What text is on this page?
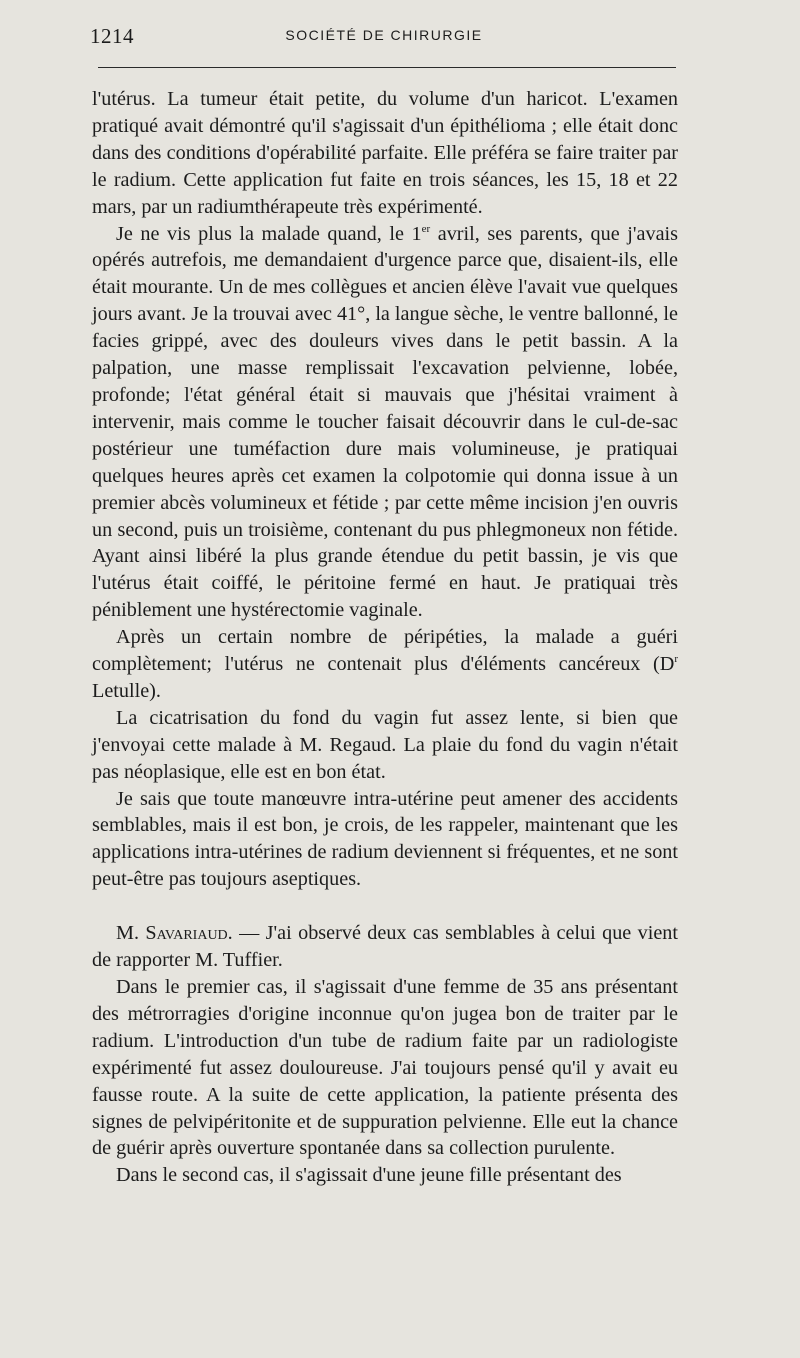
1214	SOCIÉTÉ DE CHIRURGIE

l'utérus. La tumeur était petite, du volume d'un haricot. L'examen pratiqué avait démontré qu'il s'agissait d'un épithélioma ; elle était donc dans des conditions d'opérabilité parfaite. Elle préféra se faire traiter par le radium. Cette application fut faite en trois séances, les 15, 18 et 22 mars, par un radiumthérapeute très expérimenté.

Je ne vis plus la malade quand, le 1er avril, ses parents, que j'avais opérés autrefois, me demandaient d'urgence parce que, disaient-ils, elle était mourante. Un de mes collègues et ancien élève l'avait vue quelques jours avant. Je la trouvai avec 41°, la langue sèche, le ventre ballonné, le facies grippé, avec des douleurs vives dans le petit bassin. A la palpation, une masse remplissait l'excavation pelvienne, lobée, profonde; l'état général était si mauvais que j'hésitai vraiment à intervenir, mais comme le toucher faisait découvrir dans le cul-de-sac postérieur une tuméfaction dure mais volumineuse, je pratiquai quelques heures après cet examen la colpotomie qui donna issue à un premier abcès volumineux et fétide ; par cette même incision j'en ouvris un second, puis un troisième, contenant du pus phlegmoneux non fétide. Ayant ainsi libéré la plus grande étendue du petit bassin, je vis que l'utérus était coiffé, le péritoine fermé en haut. Je pratiquai très péniblement une hystérectomie vaginale.

Après un certain nombre de péripéties, la malade a guéri complètement; l'utérus ne contenait plus d'éléments cancéreux ($D^r$ Letulle).

La cicatrisation du fond du vagin fut assez lente, si bien que j'envoyai cette malade à M. Regaud. La plaie du fond du vagin n'était pas néoplasique, elle est en bon état.

Je sais que toute manœuvre intra-utérine peut amener des accidents semblables, mais il est bon, je crois, de les rappeler, maintenant que les applications intra-utérines de radium deviennent si fréquentes, et ne sont peut-être pas toujours aseptiques.

M. Savariaud. — J'ai observé deux cas semblables à celui que vient de rapporter M. Tuffier.

Dans le premier cas, il s'agissait d'une femme de 35 ans présentant des métrorragies d'origine inconnue qu'on jugea bon de traiter par le radium. L'introduction d'un tube de radium faite par un radiologiste expérimenté fut assez douloureuse. J'ai toujours pensé qu'il y avait eu fausse route. A la suite de cette application, la patiente présenta des signes de pelvipéritonite et de suppuration pelvienne. Elle eut la chance de guérir après ouverture spontanée dans sa collection purulente.

Dans le second cas, il s'agissait d'une jeune fille présentant des
